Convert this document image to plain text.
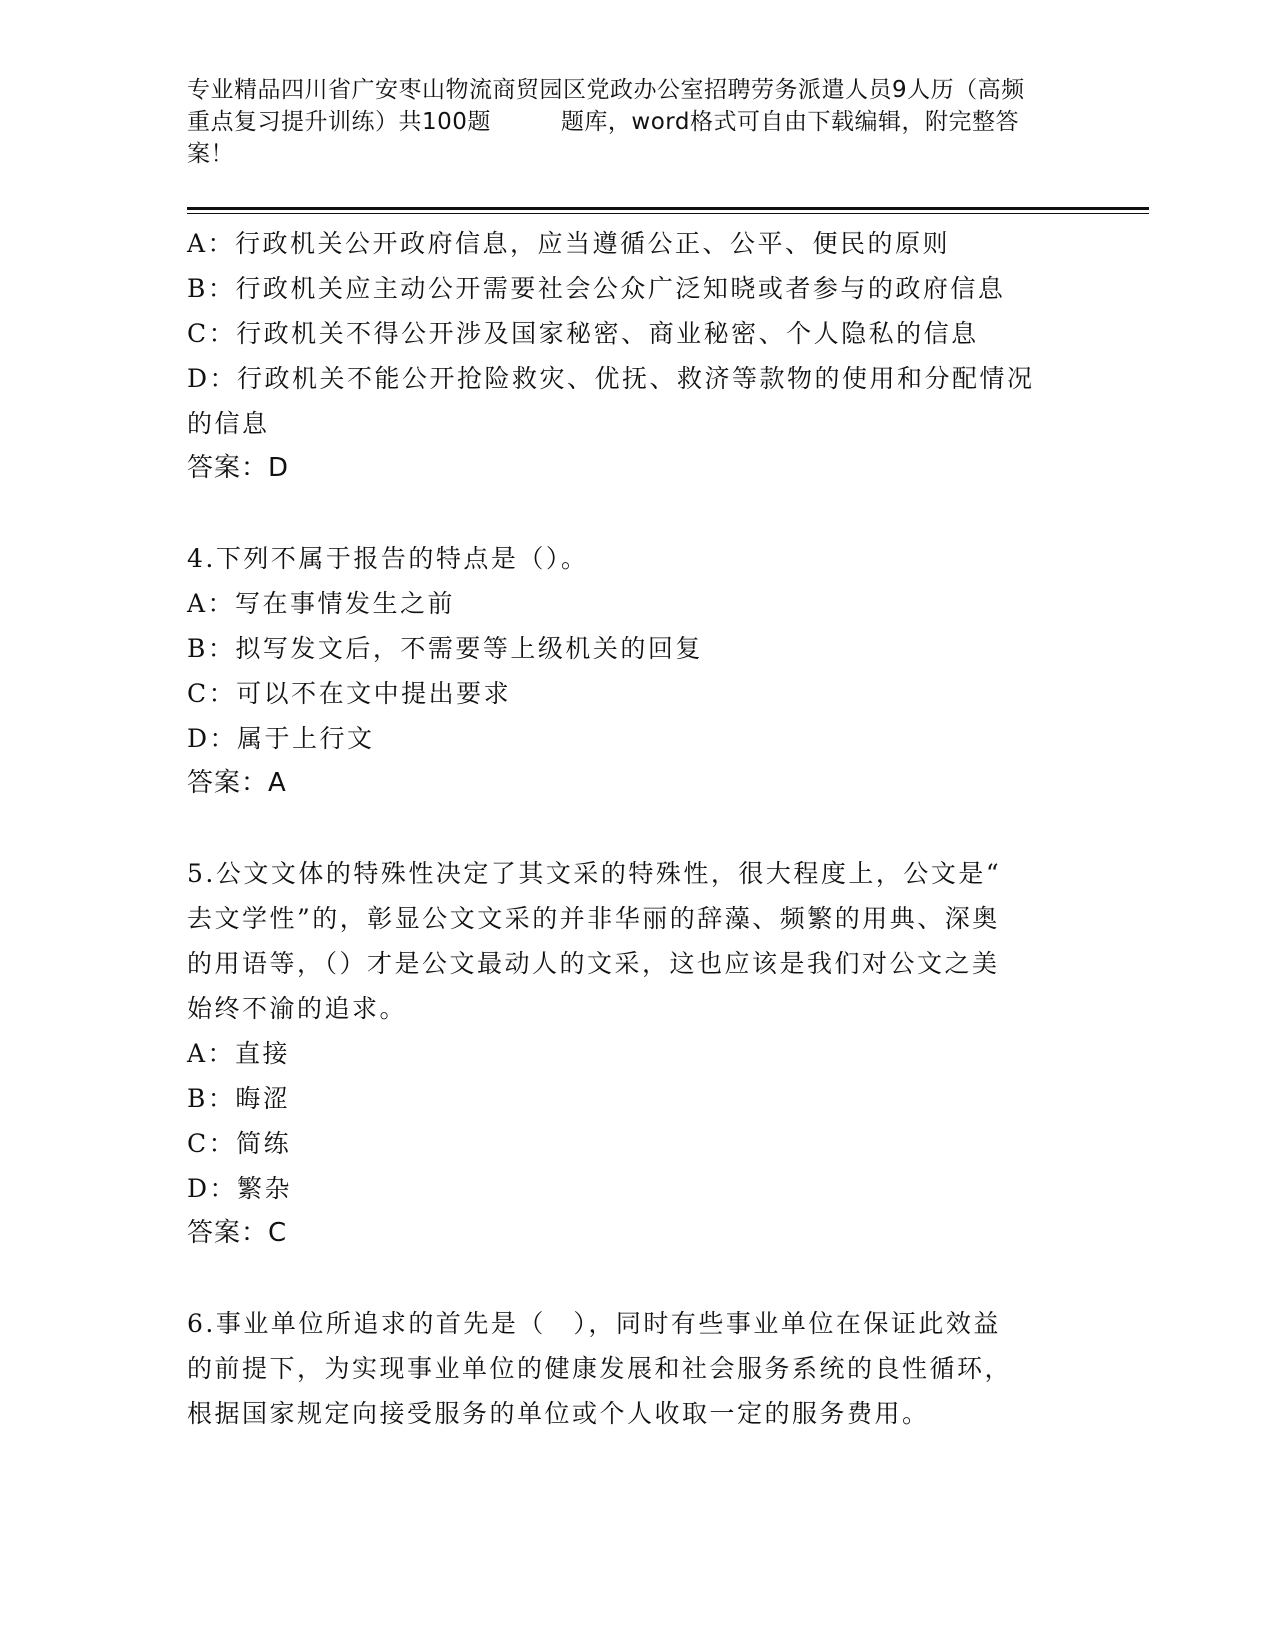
专业精品四川省广安枣山物流商贸园区党政办公室招聘劳务派遣人员9人历（高频
重点复习提升训练）共100题	题库，word格式可自由下载编辑，附完整答
案！
A：行政机关公开政府信息，应当遵循公正、公平、便民的原则
B：行政机关应主动公开需要社会公众广泛知晓或者参与的政府信息
C：行政机关不得公开涉及国家秘密、商业秘密、个人隐私的信息
D：行政机关不能公开抢险救灾、优抚、救济等款物的使用和分配情况
的信息
答案：D
4.下列不属于报告的特点是（）。
A：写在事情发生之前
B：拟写发文后，不需要等上级机关的回复
C：可以不在文中提出要求
D：属于上行文
答案：A
5.公文文体的特殊性决定了其文采的特殊性，很大程度上，公文是“
去文学性”的，彰显公文文采的并非华丽的辞藻、频繁的用典、深奥
的用语等，（）才是公文最动人的文采，这也应该是我们对公文之美
始终不渝的追求。
A：直接
B：晦涩
C：简练
D：繁杂
答案：C
6.事业单位所追求的首先是（　），同时有些事业单位在保证此效益
的前提下，为实现事业单位的健康发展和社会服务系统的良性循环，
根据国家规定向接受服务的单位或个人收取一定的服务费用。
